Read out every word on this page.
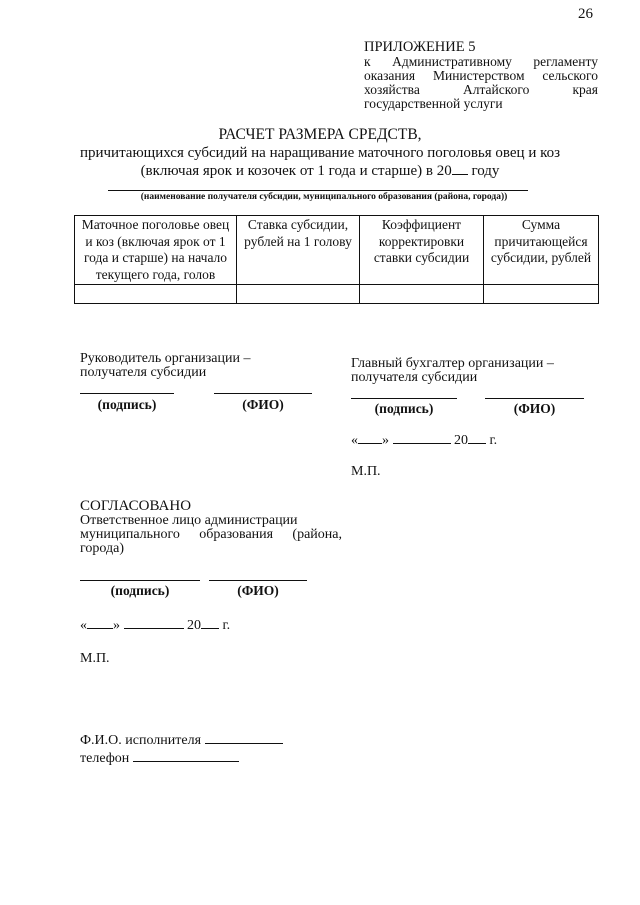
26
ПРИЛОЖЕНИЕ 5
к Административному регламенту
оказания Министерством сельского
хозяйства	Алтайского	края
государственной услуги
РАСЧЕТ РАЗМЕРА СРЕДСТВ,
причитающихся субсидий на наращивание маточного поголовья овец и коз
(включая ярок и козочек от 1 года и старше) в 20 году
(наименование получателя субсидии, муниципального образования (района, города))
Маточное поголовье овец и коз (включая ярок от 1 года и старше) на начало текущего года, голов	Ставка субсидии, рублей на 1 голову	Коэффициент корректировки ставки субсидии	Сумма причитающейся субсидии, рублей

Руководитель организации –
получателя субсидии
(подпись)	(ФИО)
Главный бухгалтер организации –
получателя субсидии
(подпись)	(ФИО)
« »	20 г.
М.П.
СОГЛАСОВАНО
Ответственное лицо администрации
муниципального образования (района,
города)
(подпись)	(ФИО)
« »	20 г.
М.П.
Ф.И.О. исполнителя
телефон
